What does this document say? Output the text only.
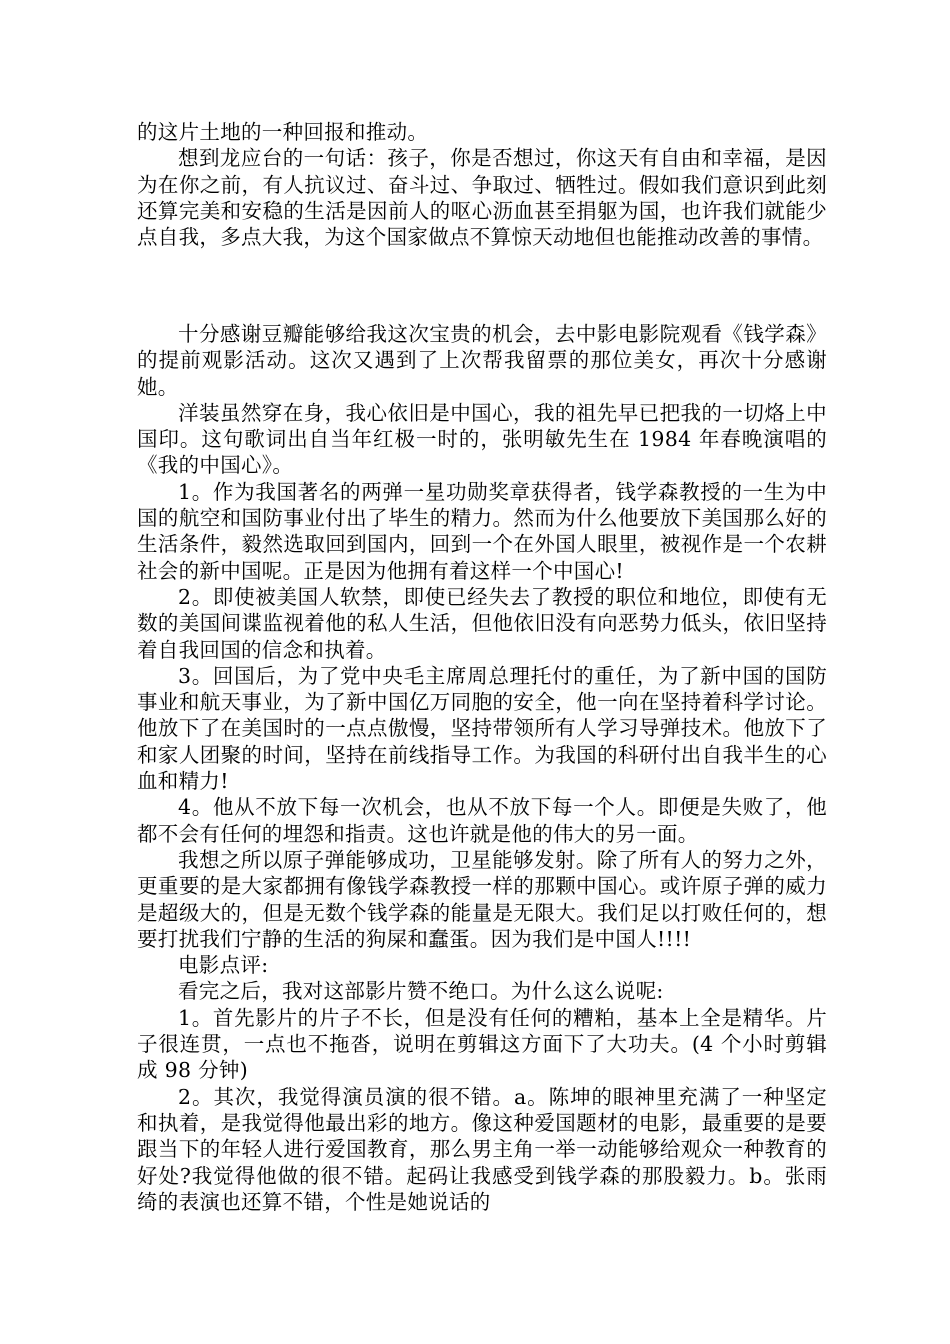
的这片土地的一种回报和推动。

想到龙应台的一句话：孩子，你是否想过，你这天有自由和幸福，是因为在你之前，有人抗议过、奋斗过、争取过、牺牲过。假如我们意识到此刻还算完美和安稳的生活是因前人的呕心沥血甚至捐躯为国，也许我们就能少点自我，多点大我，为这个国家做点不算惊天动地但也能推动改善的事情。

十分感谢豆瓣能够给我这次宝贵的机会，去中影电影院观看《钱学森》的提前观影活动。这次又遇到了上次帮我留票的那位美女，再次十分感谢她。

洋装虽然穿在身，我心依旧是中国心，我的祖先早已把我的一切烙上中国印。这句歌词出自当年红极一时的，张明敏先生在 1984 年春晚演唱的《我的中国心》。

1。作为我国著名的两弹一星功勋奖章获得者，钱学森教授的一生为中国的航空和国防事业付出了毕生的精力。然而为什么他要放下美国那么好的生活条件，毅然选取回到国内，回到一个在外国人眼里，被视作是一个农耕社会的新中国呢。正是因为他拥有着这样一个中国心!

2。即使被美国人软禁，即使已经失去了教授的职位和地位，即使有无数的美国间谍监视着他的私人生活，但他依旧没有向恶势力低头，依旧坚持着自我回国的信念和执着。

3。回国后，为了党中央毛主席周总理托付的重任，为了新中国的国防事业和航天事业，为了新中国亿万同胞的安全，他一向在坚持着科学讨论。他放下了在美国时的一点点傲慢，坚持带领所有人学习导弹技术。他放下了和家人团聚的时间，坚持在前线指导工作。为我国的科研付出自我半生的心血和精力!

4。他从不放下每一次机会，也从不放下每一个人。即便是失败了，他都不会有任何的埋怨和指责。这也许就是他的伟大的另一面。

我想之所以原子弹能够成功，卫星能够发射。除了所有人的努力之外，更重要的是大家都拥有像钱学森教授一样的那颗中国心。或许原子弹的威力是超级大的，但是无数个钱学森的能量是无限大。我们足以打败任何的，想要打扰我们宁静的生活的狗屎和蠢蛋。因为我们是中国人!!!!

电影点评:

看完之后，我对这部影片赞不绝口。为什么这么说呢:

1。首先影片的片子不长，但是没有任何的糟粕，基本上全是精华。片子很连贯，一点也不拖沓，说明在剪辑这方面下了大功夫。(4 个小时剪辑成 98 分钟)

2。其次，我觉得演员演的很不错。a。陈坤的眼神里充满了一种坚定和执着，是我觉得他最出彩的地方。像这种爱国题材的电影，最重要的是要跟当下的年轻人进行爱国教育，那么男主角一举一动能够给观众一种教育的好处?我觉得他做的很不错。起码让我感受到钱学森的那股毅力。b。张雨绮的表演也还算不错，个性是她说话的
